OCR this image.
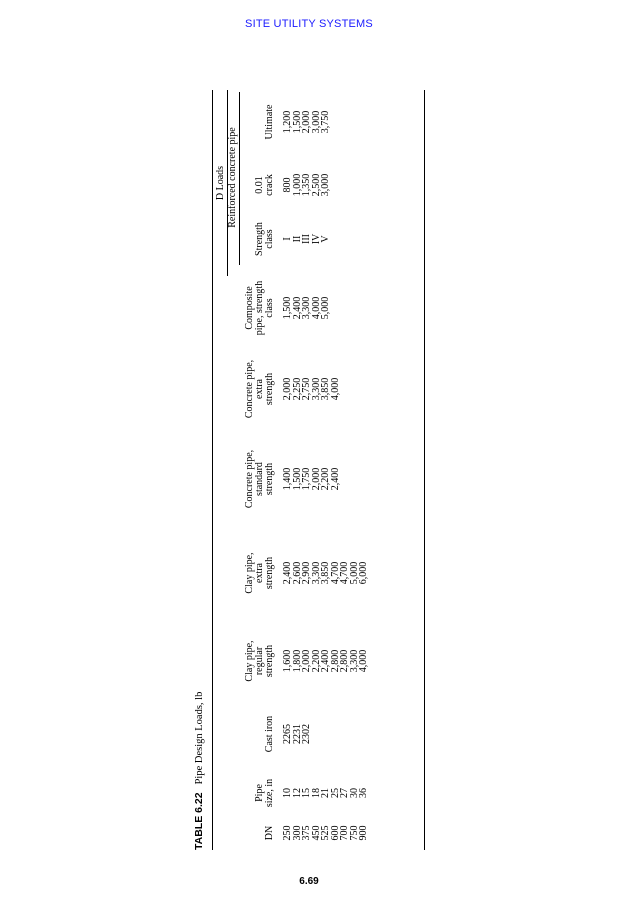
SITE UTILITY SYSTEMS
TABLE 6.22Pipe Design Loads, lb
DN
Pipe size, in
Cast iron
Clay pipe, regular strength
Clay pipe, extra strength
Concrete pipe, standard strength
Concrete pipe, extra strength
Composite pipe, strength class
D Loads Reinforced concrete pipe
Strength class
0.01 crack
Ultimate
250
300
375
450
525
600
700
750
900
10
12
15
18
21
25
27
30
36
2265
2231
2302
1,600
1,800
2,000
2,200
2,400
2,800
2,800
3,300
4,000
2,400
2,600
2,900
3,300
3,850
4,700
4,700
5,000
6,000
1,400
1,500
1,750
2,000
2,200
2,400
2,000
2,250
2,750
3,300
3,850
4,000
1,500
2,400
3,300
4,000
5,000
I
II
III
IV
V
800
1,000
1,350
2,500
3,000
1,200
1,500
2,000
3,000
3,750
6.69
